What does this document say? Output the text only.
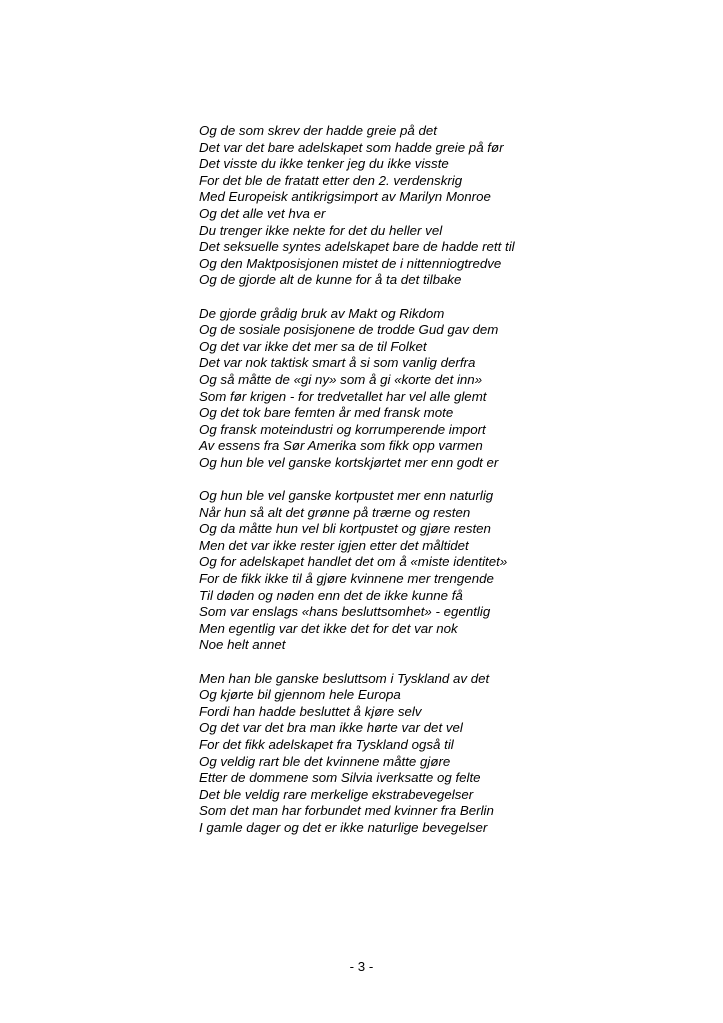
Og de som skrev der hadde greie på det
Det var det bare adelskapet som hadde greie på før
Det visste du ikke tenker jeg du ikke visste
For det ble de fratatt etter den 2. verdenskrig
Med Europeisk antikrigsimport av Marilyn Monroe
Og det alle vet hva er
Du trenger ikke nekte for det du heller vel
Det seksuelle syntes adelskapet bare de hadde rett til
Og den Maktposisjonen mistet de i nittenniogtredve
Og de gjorde alt de kunne for å ta det tilbake
De gjorde grådig bruk av Makt og Rikdom
Og de sosiale posisjonene de trodde Gud gav dem
Og det var ikke det mer sa de til Folket
Det var nok taktisk smart å si som vanlig derfra
Og så måtte de «gi ny» som å gi «korte det inn»
Som før krigen - for tredvetallet har vel alle glemt
Og det tok bare femten år med fransk mote
Og fransk moteindustri og korrumperende import
Av essens fra Sør Amerika som fikk opp varmen
Og hun ble vel ganske kortskjørtet mer enn godt er
Og hun ble vel ganske kortpustet mer enn naturlig
Når hun så alt det grønne på trærne og resten
Og da måtte hun vel bli kortpustet og gjøre resten
Men det var ikke rester igjen etter det måltidet
Og for adelskapet handlet det om å «miste identitet»
For de fikk ikke til å gjøre kvinnene mer trengende
Til døden og nøden enn det de ikke kunne få
Som var enslags «hans besluttsomhet» - egentlig
Men egentlig var det ikke det for det var nok
Noe helt annet
Men han ble ganske besluttsom i Tyskland av det
Og kjørte bil gjennom hele Europa
Fordi han hadde besluttet å kjøre selv
Og det var det bra man ikke hørte var det vel
For det fikk adelskapet fra Tyskland også til
Og veldig rart ble det kvinnene måtte gjøre
Etter de dommene som Silvia iverksatte og felte
Det ble veldig rare merkelige ekstrabevegelser
Som det man har forbundet med kvinner fra Berlin
I gamle dager og det er ikke naturlige bevegelser
- 3 -
